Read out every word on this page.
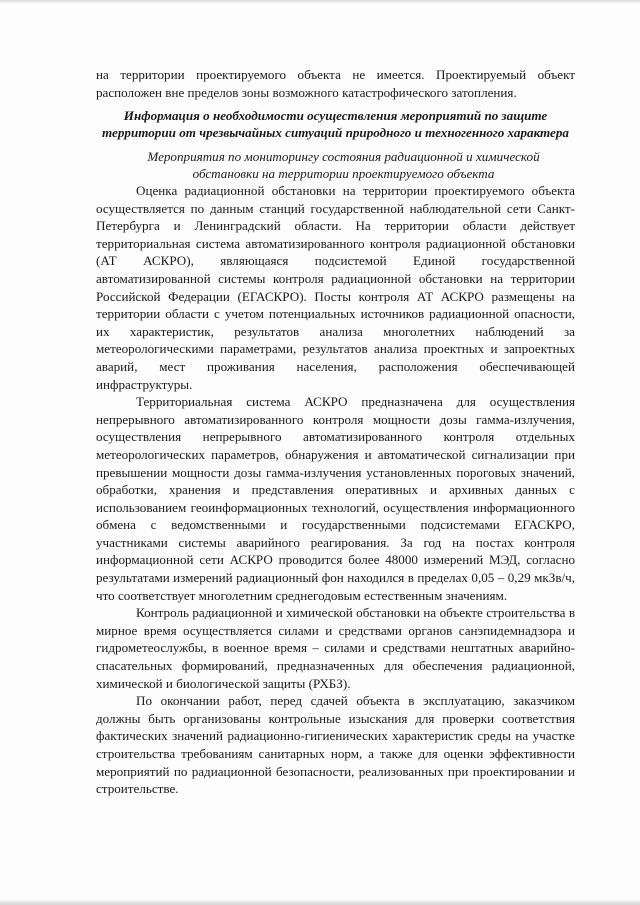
на территории проектируемого объекта не имеется. Проектируемый объект расположен вне пределов зоны возможного катастрофического затопления.

Информация о необходимости осуществления мероприятий по защите территории от чрезвычайных ситуаций природного и техногенного характера

Мероприятия по мониторингу состояния радиационной и химической обстановки на территории проектируемого объекта

Оценка радиационной обстановки на территории проектируемого объекта осуществляется по данным станций государственной наблюдательной сети Санкт-Петербурга и Ленинградский области. На территории области действует территориальная система автоматизированного контроля радиационной обстановки (АТ АСКРО), являющаяся подсистемой Единой государственной автоматизированной системы контроля радиационной обстановки на территории Российской Федерации (ЕГАСКРО). Посты контроля АТ АСКРО размещены на территории области с учетом потенциальных источников радиационной опасности, их характеристик, результатов анализа многолетних наблюдений за метеорологическими параметрами, результатов анализа проектных и запроектных аварий, мест проживания населения, расположения обеспечивающей инфраструктуры.

Территориальная система АСКРО предназначена для осуществления непрерывного автоматизированного контроля мощности дозы гамма-излучения, осуществления непрерывного автоматизированного контроля отдельных метеорологических параметров, обнаружения и автоматической сигнализации при превышении мощности дозы гамма-излучения установленных пороговых значений, обработки, хранения и представления оперативных и архивных данных с использованием геоинформационных технологий, осуществления информационного обмена с ведомственными и государственными подсистемами ЕГАСКРО, участниками системы аварийного реагирования. За год на постах контроля информационной сети АСКРО проводится более 48000 измерений МЭД, согласно результатами измерений радиационный фон находился в пределах 0,05 – 0,29 мкЗв/ч, что соответствует многолетним среднегодовым естественным значениям.

Контроль радиационной и химической обстановки на объекте строительства в мирное время осуществляется силами и средствами органов санэпидемнадзора и гидрометеослужбы, в военное время – силами и средствами нештатных аварийно-спасательных формирований, предназначенных для обеспечения радиационной, химической и биологической защиты (РХБЗ).

По окончании работ, перед сдачей объекта в эксплуатацию, заказчиком должны быть организованы контрольные изыскания для проверки соответствия фактических значений радиационно-гигиенических характеристик среды на участке строительства требованиям санитарных норм, а также для оценки эффективности мероприятий по радиационной безопасности, реализованных при проектировании и строительстве.
